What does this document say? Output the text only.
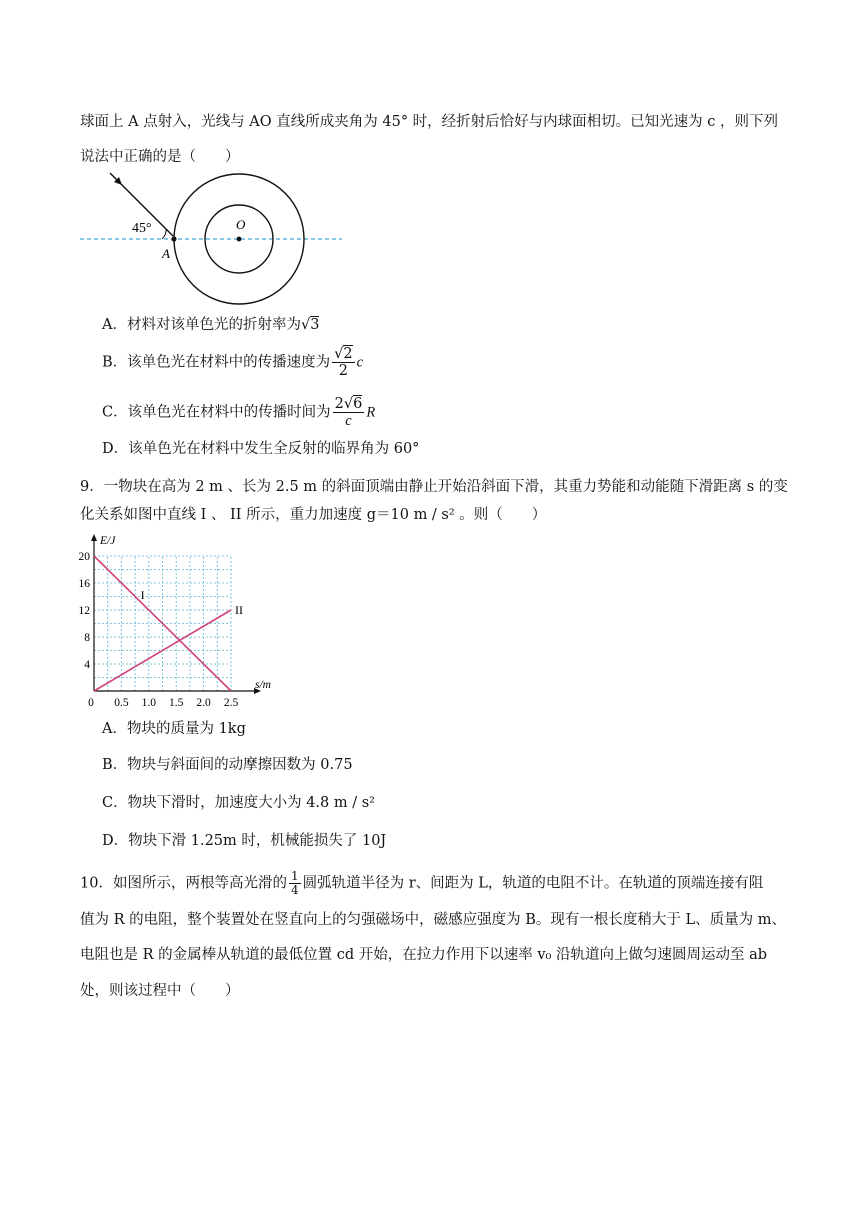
球面上 A 点射入，光线与 AO 直线所成夹角为 45° 时，经折射后恰好与内球面相切。已知光速为 c ，则下列
说法中正确的是（　　）
45°
A
O
A．材料对该单色光的折射率为√3
B．该单色光在材料中的传播速度为 $\frac{√2}{2}$ c
C．该单色光在材料中的传播时间为 $\frac{2√6}{c}$ R
D．该单色光在材料中发生全反射的临界角为 60°
9．一物块在高为 2 m 、长为 2.5 m 的斜面顶端由静止开始沿斜面下滑，其重力势能和动能随下滑距离 s 的变
化关系如图中直线 I 、 II 所示，重力加速度 g＝10 m / s² 。则（　　）
0 0.5 1.0 1.5 2.0 2.5
4
8
12
16
20
s/m
E/J
I
II
A．物块的质量为 1kg
B．物块与斜面间的动摩擦因数为 0.75
C．物块下滑时，加速度大小为 4.8 m / s²
D．物块下滑 1.25m 时，机械能损失了 10J
10．如图所示，两根等高光滑的 $\frac{1}{4}$ 圆弧轨道半径为 r、间距为 L，轨道的电阻不计。在轨道的顶端连接有阻
值为 R 的电阻，整个装置处在竖直向上的匀强磁场中，磁感应强度为 B。现有一根长度稍大于 L、质量为 m、
电阻也是 R 的金属棒从轨道的最低位置 cd 开始，在拉力作用下以速率 v₀ 沿轨道向上做匀速圆周运动至 ab
处，则该过程中（　　）
